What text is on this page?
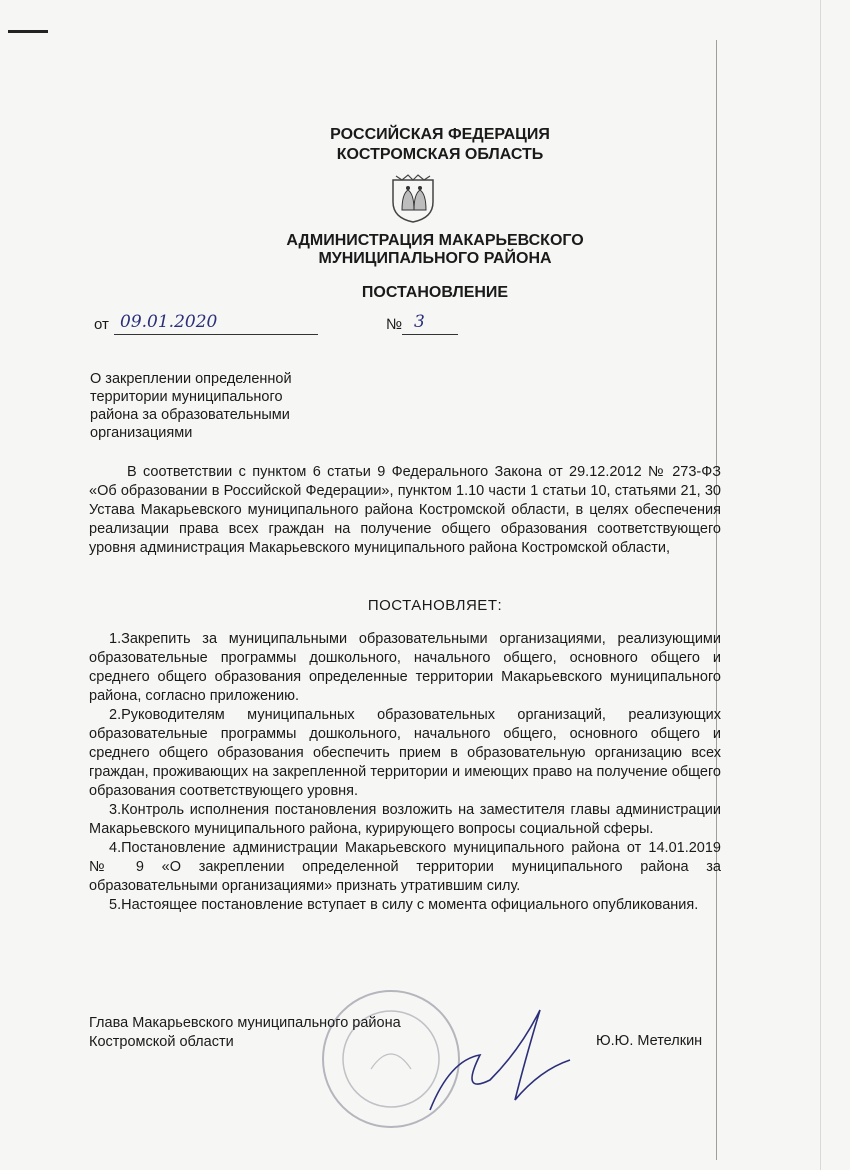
РОССИЙСКАЯ ФЕДЕРАЦИЯ
КОСТРОМСКАЯ ОБЛАСТЬ
АДМИНИСТРАЦИЯ МАКАРЬЕВСКОГО
МУНИЦИПАЛЬНОГО РАЙОНА
ПОСТАНОВЛЕНИЕ
от 09.01.2020	№ 3
О закреплении определенной
территории муниципального
района за образовательными
организациями
В соответствии с пунктом 6 статьи 9 Федерального Закона от 29.12.2012 № 273-ФЗ «Об образовании в Российской Федерации», пунктом 1.10 части 1 статьи 10, статьями 21, 30 Устава Макарьевского муниципального района Костромской области, в целях обеспечения реализации права всех граждан на получение общего образования соответствующего уровня администрация Макарьевского муниципального района Костромской области,
ПОСТАНОВЛЯЕТ:

1.Закрепить за муниципальными образовательными организациями, реализующими образовательные программы дошкольного, начального общего, основного общего и среднего общего образования определенные территории Макарьевского муниципального района, согласно приложению.

2.Руководителям муниципальных образовательных организаций, реализующих образовательные программы дошкольного, начального общего, основного общего и среднего общего образования обеспечить прием в образовательную организацию всех граждан, проживающих на закрепленной территории и имеющих право на получение общего образования соответствующего уровня.

3.Контроль исполнения постановления возложить на заместителя главы администрации Макарьевского муниципального района, курирующего вопросы социальной сферы.

4.Постановление администрации Макарьевского муниципального района от 14.01.2019 № 9 «О закреплении определенной территории муниципального района за образовательными организациями» признать утратившим силу.

5.Настоящее постановление вступает в силу с момента официального опубликования.

Глава Макарьевского муниципального района
Костромской области	Ю.Ю. Метелкин
